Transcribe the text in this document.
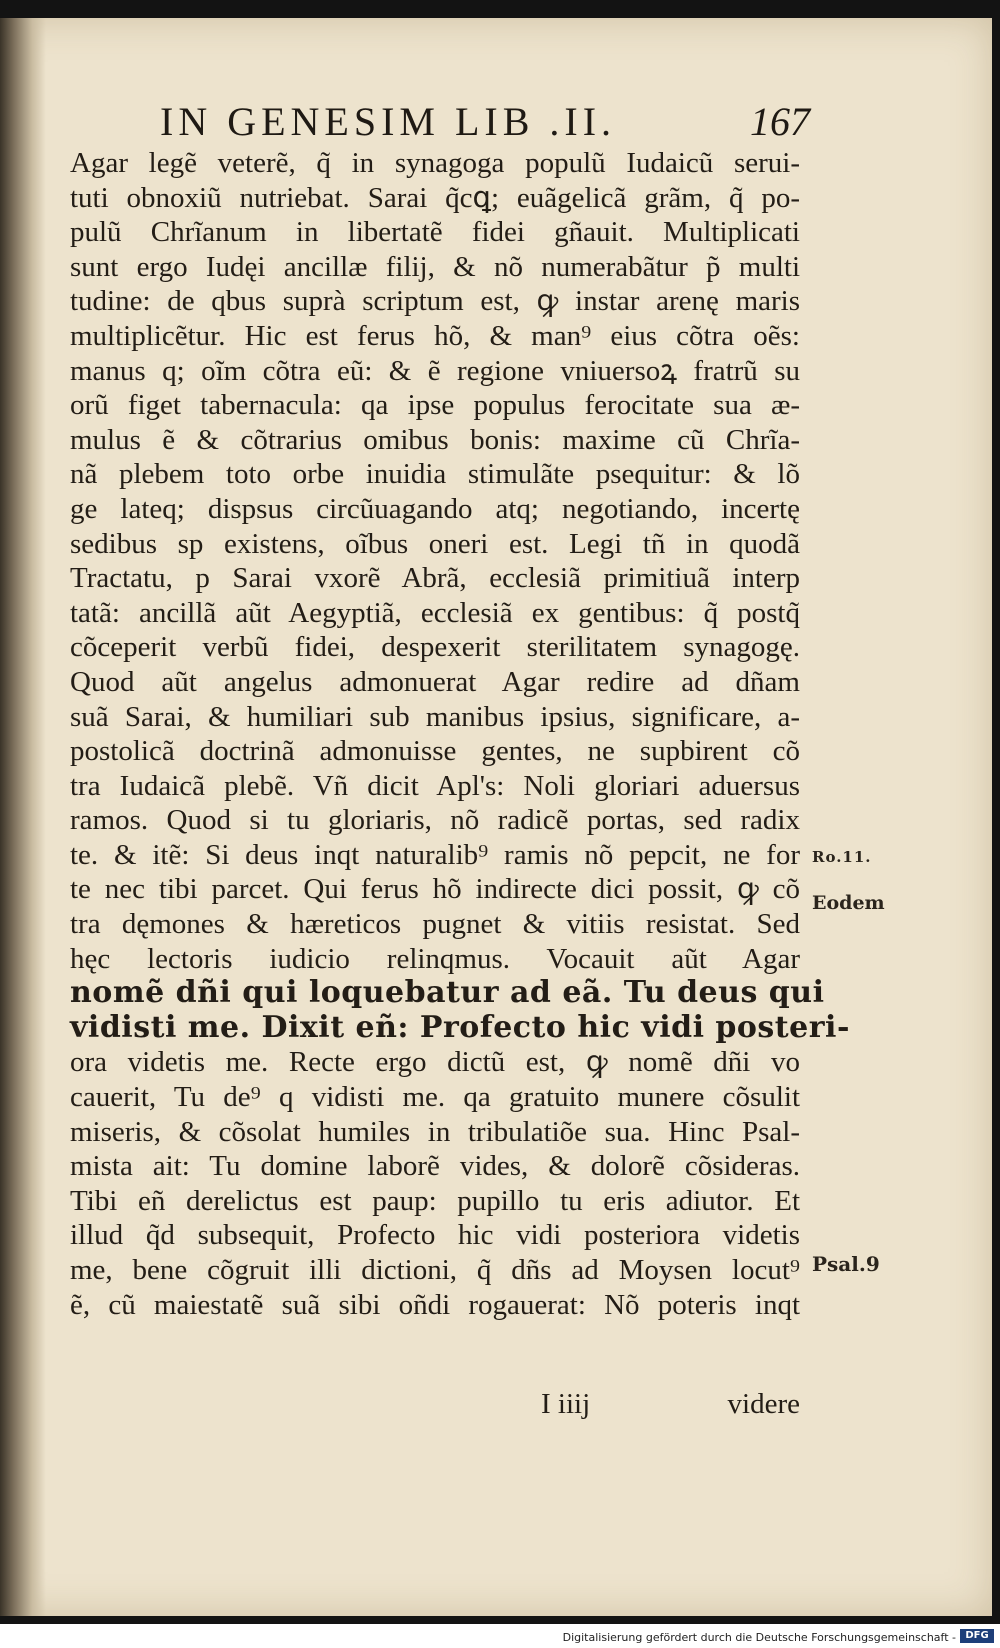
IN GENESIM LIB .II.	167
Agar legẽ veterẽ, q̃ in synagoga populũ Iudaicũ serui-
tuti obnoxiũ nutriebat. Sarai q̃cꝗ; euãgelicã grãm, q̃ po-
pulũ Chrĩanum in libertatẽ fidei gñauit. Multiplicati
sunt ergo Iudęi ancillæ filij, & nõ numerabãtur p̃ multi
tudine: de qbus suprà scriptum est, ꝙ instar arenę maris
multiplicẽtur. Hic est ferus hõ, & man⁹ eius cõtra oẽs:
manus q; oĩm cõtra eũ: & ẽ regione vniuersoꝝ fratrũ su
orũ figet tabernacula: qa ipse populus ferocitate sua æ-
mulus ẽ & cõtrarius omibus bonis: maxime cũ Chrĩa-
nã plebem toto orbe inuidia stimulãte psequitur: & lõ
ge lateq; dispsus circũuagando atq; negotiando, incertę
sedibus sp existens, oĩbus oneri est. Legi tñ in quodã
Tractatu, p Sarai vxorẽ Abrã, ecclesiã primitiuã interp
tatã: ancillã aũt Aegyptiã, ecclesiã ex gentibus: q̃ postq̃
cõceperit verbũ fidei, despexerit sterilitatem synagogę.
Quod aũt angelus admonuerat Agar redire ad dñam
suã Sarai, & humiliari sub manibus ipsius, significare, a-
postolicã doctrinã admonuisse gentes, ne supbirent cõ
tra Iudaicã plebẽ. Vñ dicit Apl's: Noli gloriari aduersus
ramos. Quod si tu gloriaris, nõ radicẽ portas, sed radix
te. & itẽ: Si deus inqt naturalib⁹ ramis nõ pepcit, ne for
te nec tibi parcet. Qui ferus hõ indirecte dici possit, ꝙ cõ
tra dęmones & hæreticos pugnet & vitiis resistat. Sed
hęc lectoris iudicio relinqmus. Vocauit aũt Agar
nomẽ dñi qui loquebatur ad eã. Tu deus qui
vidisti me. Dixit eñ: Profecto hic vidi posteri-
ora videtis me. Recte ergo dictũ est, ꝙ nomẽ dñi vo
cauerit, Tu de⁹ q vidisti me. qa gratuito munere cõsulit
miseris, & cõsolat humiles in tribulatiõe sua. Hinc Psal-
mista ait: Tu domine laborẽ vides, & dolorẽ cõsideras.
Tibi eñ derelictus est paup: pupillo tu eris adiutor. Et
illud q̃d subsequit, Profecto hic vidi posteriora videtis
me, bene cõgruit illi dictioni, q̃ dñs ad Moysen locut⁹
ẽ, cũ maiestatẽ suã sibi oñdi rogauerat: Nõ poteris inqt
I iiij	videre
Ro.11.
Eodem
Psal.9
Digitalisierung gefördert durch die Deutsche Forschungsgemeinschaft - DFG
